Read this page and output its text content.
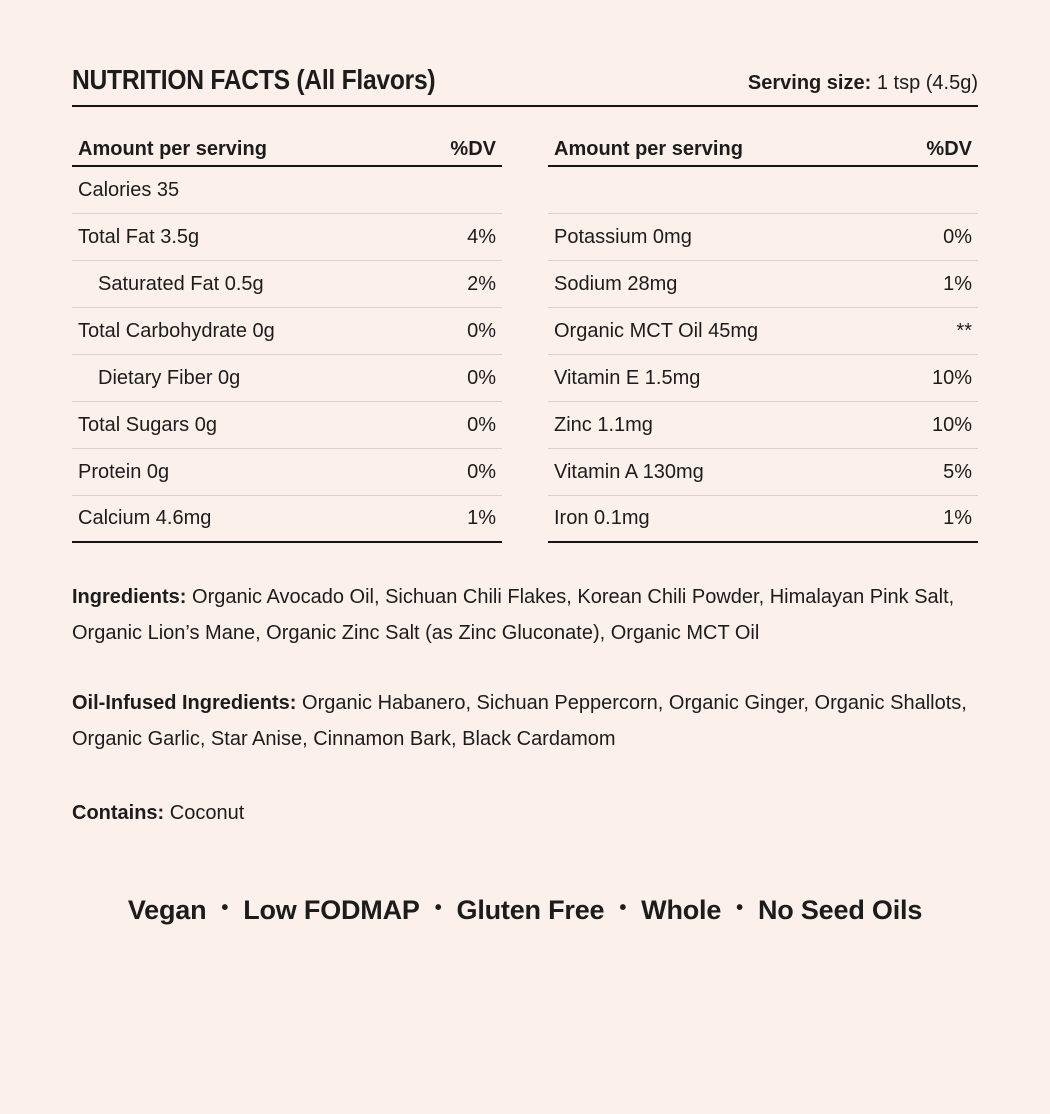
NUTRITION FACTS (All Flavors)	Serving size: 1 tsp (4.5g)
Amount per serving	%DV
Calories 35
Total Fat 3.5g	4%
Saturated Fat 0.5g	2%
Total Carbohydrate 0g	0%
Dietary Fiber 0g	0%
Total Sugars 0g	0%
Protein 0g	0%
Calcium 4.6mg	1%
Amount per serving	%DV
Potassium 0mg	0%
Sodium 28mg	1%
Organic MCT Oil 45mg	**
Vitamin E 1.5mg	10%
Zinc 1.1mg	10%
Vitamin A 130mg	5%
Iron 0.1mg	1%

Ingredients: Organic Avocado Oil, Sichuan Chili Flakes, Korean Chili Powder, Himalayan Pink Salt, Organic Lion’s Mane, Organic Zinc Salt (as Zinc Gluconate), Organic MCT Oil

Oil-Infused Ingredients: Organic Habanero, Sichuan Peppercorn, Organic Ginger, Organic Shallots, Organic Garlic, Star Anise, Cinnamon Bark, Black Cardamom

Contains: Coconut

Vegan • Low FODMAP • Gluten Free • Whole • No Seed Oils
